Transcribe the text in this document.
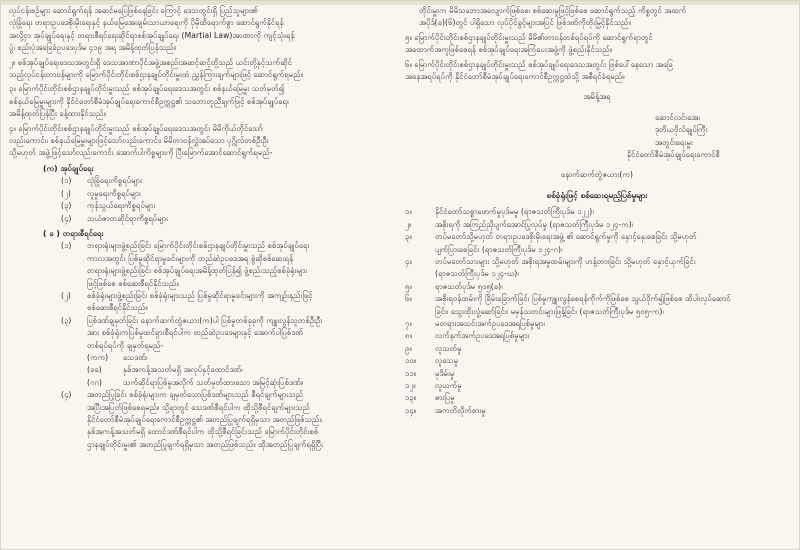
လုပ်ငန်းစဉ်များ ဆောင်ရွက်ရန် အဆင်မပြေဖြစ်နေခြင်း ကြောင့် ဒေသတွင်းရှိ ပြည်သူများ၏
လုံခြုံရေး တရားဥပဒေစိုးမိုးရေးနှင့် နယ်မြေအေးချမ်းသာယာရေးကို ပိုမိုထိရောက်စွာ ဆောင်ရွက်နိုင်ရန်
အလို့ငှာ အုပ်ချုပ်ရေးနှင့် တရားစီရင်ရေးဆိုင်ရာစစ်အုပ်ချုပ်ရေး (Martial Law)အာဏာကို ကျင့်သုံးရန်
ပွဲ၊ စည်းပုံအခြေခံဥပဒေပုဒ်မ ၄၁၉ အရ အမိန့်ထုတ်ပြန်သည်။
၂။ စစ်အုပ်ချုပ်ရေးဒေသအတွင်းရှိ ဒေသအာဏာပိုင်အဖွဲ့အစည်းအဆင့်ဆင့်တို့သည် ယင်းတို့နှင့်သက်ဆိုင်
သည့်လုပ်ငန်းတာဝန်များကို မြောက်ပိုင်းတိုင်းစစ်ဌာနချုပ်တိုင်းမှူးထံ ညွှန်ကြားချက်များဖြင့် ဆောင်ရွက်ရမည်။
၃။ မြောက်ပိုင်းတိုင်းစစ်ဌာနချုပ်တိုင်းမှူးသည် စစ်အုပ်ချုပ်ရေးဒေသအတွင်း စစ်နယ်မြေမှူး သတ်မှတ်၍
စစ်နယ်မြေမှူးများကို နိုင်ငံတော်စီမံအုပ်ချုပ်ရေးကောင်စီဥက္ကဋ္ဌ၏ သဘောတူညီချက်ဖြင့် စစ်အုပ်ချုပ်ရေး
အမိန့်ထုတ်ပြန်ပြီး ခန့်ထားနိုင်သည်။
၄။ မြောက်ပိုင်းတိုင်းစစ်ဌာနချုပ်တိုင်းမှူးသည် စစ်အုပ်ချုပ်ရေးဒေသအတွင်း မိမိကိုယ်တိုင်သော်
လည်းကောင်း၊ စစ်နယ်မြေမှူးများဖြင့်သော်လည်းကောင်း၊ မိမိတာဝန်လွှဲအပ်သော ပုဂ္ဂိုလ်တစ်ဦးဦး
သို့မဟုတ် အဖွဲ့ဖြင့်သော်လည်းကောင်း အောက်ပါကိစ္စများကို ပြီးမြောက်အောင်ဆောင်ရွက်ရမည်-
(က) အုပ်ချုပ်ရေး
(၁)	လုံခြုံရေးကိစ္စရပ်များ
(၂)	လူမှုရေးကိစ္စရပ်များ
(၃)	ကုန်သွယ်ရေးကိစ္စရပ်များ
(၄)	သယံဇာတဆိုင်ရာကိစ္စရပ်များ
( ခ ) တရားစီရင်ရေး
(၁)	တရားရုံးများဖွဲ့စည်းခြင်း မြောက်ပိုင်းတိုင်းစစ်ဌာနချုပ်တိုင်းမှူးသည် စစ်အုပ်ချုပ်ရေး
ကာလအတွင်း ပြစ်မှုဆိုင်ရာမှုခင်းများကို တည်ဆဲဥပဒေအရ စွဲဆိုစစ်ဆေးရန်
တရားရုံးများဖွဲ့စည်းခြင်း စစ်အုပ်ချုပ်ရေးအမိန့်ထုတ်ပြန်၍ ဖွဲ့စည်းသည့်စစ်ခုံရုံးများ
ဖြင့်ဖြစ်စေ စစ်ဆေးစီရင်နိုင်သည်။
(၂)	စစ်ခုံရုံးများဖွဲ့စည်းခြင်း စစ်ခုံရုံးများသည် ပြစ်မှုဆိုင်ရာမှုခင်းများကို အကျဉ်းနည်းဖြင့်
စစ်ဆေးစီရင်နိုင်သည်။
(၃)	ပြစ်ဒဏ်ချမှတ်ခြင်း နောက်ဆက်တွဲဇယား(က)ပါ ပြစ်မှုတစ်ခုခုကို ကျူးလွန်သူတစ်ဦးဦး
အား စစ်ခုံရုံးကပြစ်မှုထင်ရှားစီရင်ပါက တည်ဆဲဥပဒေများနှင့် အောက်ပါပြစ်ဒဏ်
တစ်ရပ်ရပ်ကို ချမှတ်ရမည်-
(ကက)	သေဒဏ်၊
(ခခ)	နှစ်အကန့်အသတ်မရှိ အလုပ်နှင့်ထောင်ဒဏ်၊
(ဂဂ)	သက်ဆိုင်ရာပြစ်မှုအလိုက် သတ်မှတ်ထားသော အမြင့်ဆုံးပြစ်ဒဏ်။
(၄)	အတည်ပြုခြင်း စစ်ခုံရုံးများက ချမှတ်သောပြစ်ဒဏ်များသည် စီရင်ချက်များသည်
အပြီးအပြတ်ဖြစ်စေရမည်။ သို့ရာတွင် သေဒဏ်စီရင်ပါက ထိုသို့စီရင်ချက်များသည်
နိုင်ငံတော်စီမံအုပ်ချုပ်ရေးကောင်စီဥက္ကဋ္ဌ၏ အတည်ပြုချက်ရရှိမှသာ အတည်ဖြစ်သည်။
နှစ်အကန့်အသတ်မရှိ ထောင်ဒဏ်စီရင်ပါက ထိုသို့စီရင်ခြင်းသည် မြောက်ပိုင်းတိုင်းစစ်
ဌာနချုပ်တိုင်းမှူး၏ အတည်ပြုချက်ရရှိမှသာ အတည်ဖြစ်သည်။ ထိုအတည်ပြုချက်ရရှိပြီး
တိုင်းမှူးက မိမိသဘောအလျောက်ဖြစ်စေ၊ စစ်ဆေးမှုဖြင့်ဖြစ်စေ ဆောင်ရွက်သည့် ကိစ္စတွင် အထက်
အပိုဒ်(ခ)(၆)တွင် ပါရှိသော လုပ်ပိုင်ခွင့်များအပြင် ဖြစ်ဒဏ်ကိုတိုးမြှင့်နိုင်သည်။
၅။ မြောက်ပိုင်းတိုင်းစစ်ဌာနချုပ်တိုင်းမှူးသည် မိမိ၏တာဝန်တစ်ရပ်ရပ်ကို ဆောင်ရွက်ရာတွင်
အထောက်အကူဖြစ်စေရန် စစ်အုပ်ချုပ်ရေးအကြံပေးအဖွဲ့ကို ဖွဲ့စည်းနိုင်သည်။
၆။ မြောက်ပိုင်းတိုင်းစစ်ဌာနချုပ်တိုင်းမှူးသည် စစ်အုပ်ချုပ်ရေးဒေသအတွင်း ဖြစ်ပေါ်နေသော အခြေ
အနေအရပ်ရပ်ကို နိုင်ငံတော်စီမံအုပ်ချုပ်ရေးကောင်စီဥက္ကဋ္ဌထံသို့ အစီရင်ခံရမည်။
အမိန့်အရ
ဆောင်လင်းအေး
ဒုတိယဗိုလ်ချုပ်ကြီး
အတွင်းရေးမှူး
နိုင်ငံတော်စီမံအုပ်ချုပ်ရေးကောင်စီ
နောက်ဆက်တွဲဇယား(က)
စစ်ခုံရုံးဖြင့် စစ်ဆေးရမည့်ပြစ်မှုများ
၁။	နိုင်ငံတော်သစ္စာဖောက်မှုပုဒ်မမှု (ရာဇသတ်ကြီးပုဒ်မ ၁၂၂)၊
၂။	အစိုးရကို အကြည်ညိုပျက်အောင်ပြုလုပ်မှု (ရာဇသတ်ကြီးပုဒ်မ ၁၂၄-က)၊
၃။	တပ်မတော်သို့မဟုတ် တရားဥပဒေစိုးမိုးရေးအဖွဲ့ ၏ ဆောင်ရွက်မှုကို နှောင့်နှေးစေခြင်း သို့မဟုတ်
ပျက်ပြားစေခြင်း (ရာဇသတ်ကြီးပုဒ်မ ၁၂၄-ဂ)၊
၄။	တပ်မတော်သားများ သို့မဟုတ် အစိုးရအမှုထမ်းများကို ဟန့်တားခြင်း သို့မဟုတ် နှောင့်ယှက်ခြင်း
(ရာဇသတ်ကြီးပုဒ်မ ၁၂၄-ဃ)၊
၅။	ရာဇသတ်ပုဒ်မ ၅၀၅(ခ)၊
၆။	အစိုးရဝန်ထမ်းကို ခြိမ်းခြောက်ခြင်း ပြစ်မှုကျူးလွန်စေရန်ကိုက်ကိုဖြစ်စေ သွယ်ဝိုက်၍ဖြစ်စေ ထိပါးလုပ်ဆောင်
ခြင်း၊ သွေးထိုးလှုံ့ဆော်ခြင်း၊ မမှန်သတင်းများဖြန့်ခြင်း (ရာဇသတ်ကြီးပုဒ်မ ၅၀၅-က)၊
၇။	မတရားအသင်းအက်ဥပဒေအရပြစ်မှုများ
၈။	လက်နက်အက်ဥပဒေအရပြစ်မှုများ
၉။	လူသတ်မှု
၁၀။	လူသေမှု
၁၁။	မုဒိမ်းမှု
၁၂။	လူယက်မှု
၁၃။	ဓားပြမှု
၁၄။	အကတိလိုက်စားမှု
